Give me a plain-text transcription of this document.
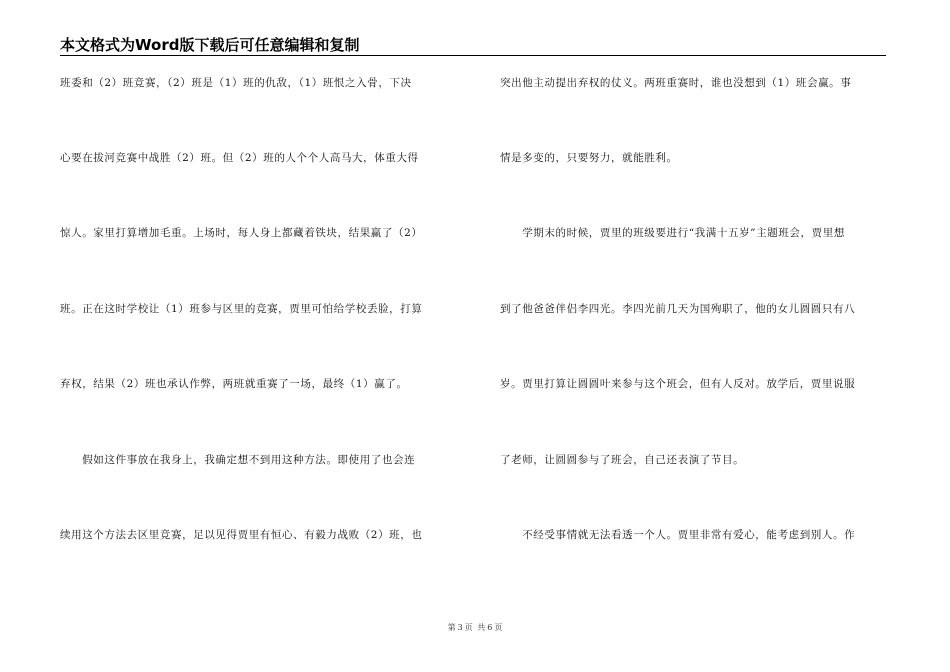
本文格式为Word版下载后可任意编辑和复制
班委和（2）班竞赛，（2）班是（1）班的仇敌，（1）班恨之入骨，下决
心要在拔河竞赛中战胜（2）班。但（2）班的人个个人高马大，体重大得
惊人。家里打算增加毛重。上场时，每人身上都藏着铁块，结果赢了（2）
班。正在这时学校让（1）班参与区里的竞赛，贾里可怕给学校丢脸，打算
弃权，结果（2）班也承认作弊，两班就重赛了一场，最终（1）赢了。
　　假如这件事放在我身上，我确定想不到用这种方法。即使用了也会连
续用这个方法去区里竞赛，足以见得贾里有恒心、有毅力战败（2）班，也
突出他主动提出弃权的仗义。两班重赛时，谁也没想到（1）班会赢。事
情是多变的，只要努力，就能胜利。
　　学期末的时候，贾里的班级要进行“我满十五岁”主题班会，贾里想
到了他爸爸伴侣李四光。李四光前几天为国殉职了，他的女儿圆圆只有八
岁。贾里打算让圆圆叶来参与这个班会，但有人反对。放学后，贾里说服
了老师，让圆圆参与了班会，自己还表演了节目。
　　不经受事情就无法看透一个人。贾里非常有爱心，能考虑到别人。作
第 3 页 共 6 页
